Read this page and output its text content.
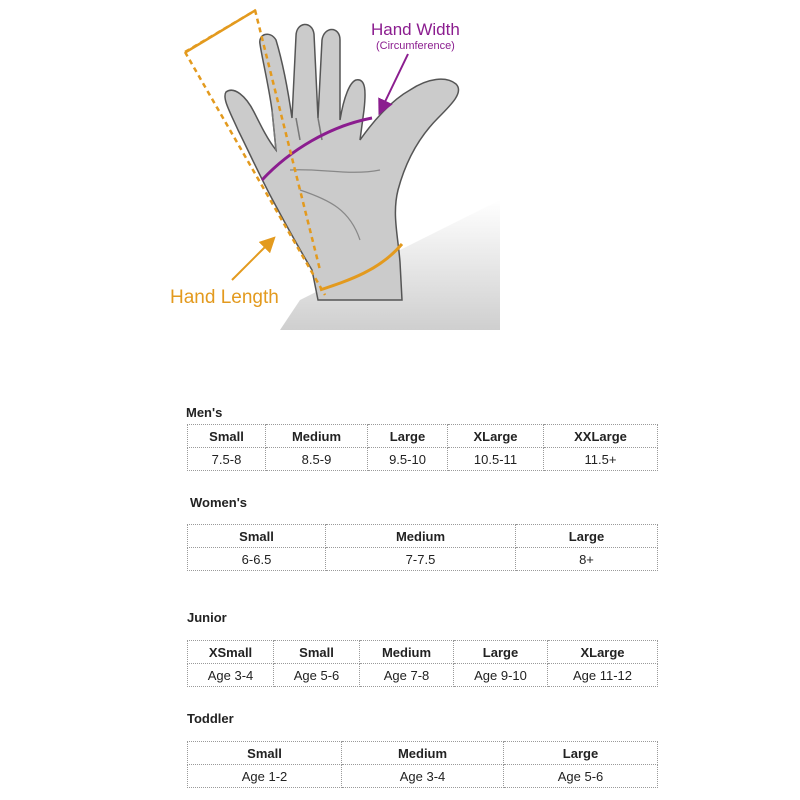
Hand Width
(Circumference)
Hand Length
Men's
Small	Medium	Large	XLarge	XXLarge
7.5-8	8.5-9	9.5-10	10.5-11	11.5+
Women's
Small	Medium	Large
6-6.5	7-7.5	8+
Junior
XSmall	Small	Medium	Large	XLarge
Age 3-4	Age 5-6	Age 7-8	Age 9-10	Age 11-12
Toddler
Small	Medium	Large
Age 1-2	Age 3-4	Age 5-6
